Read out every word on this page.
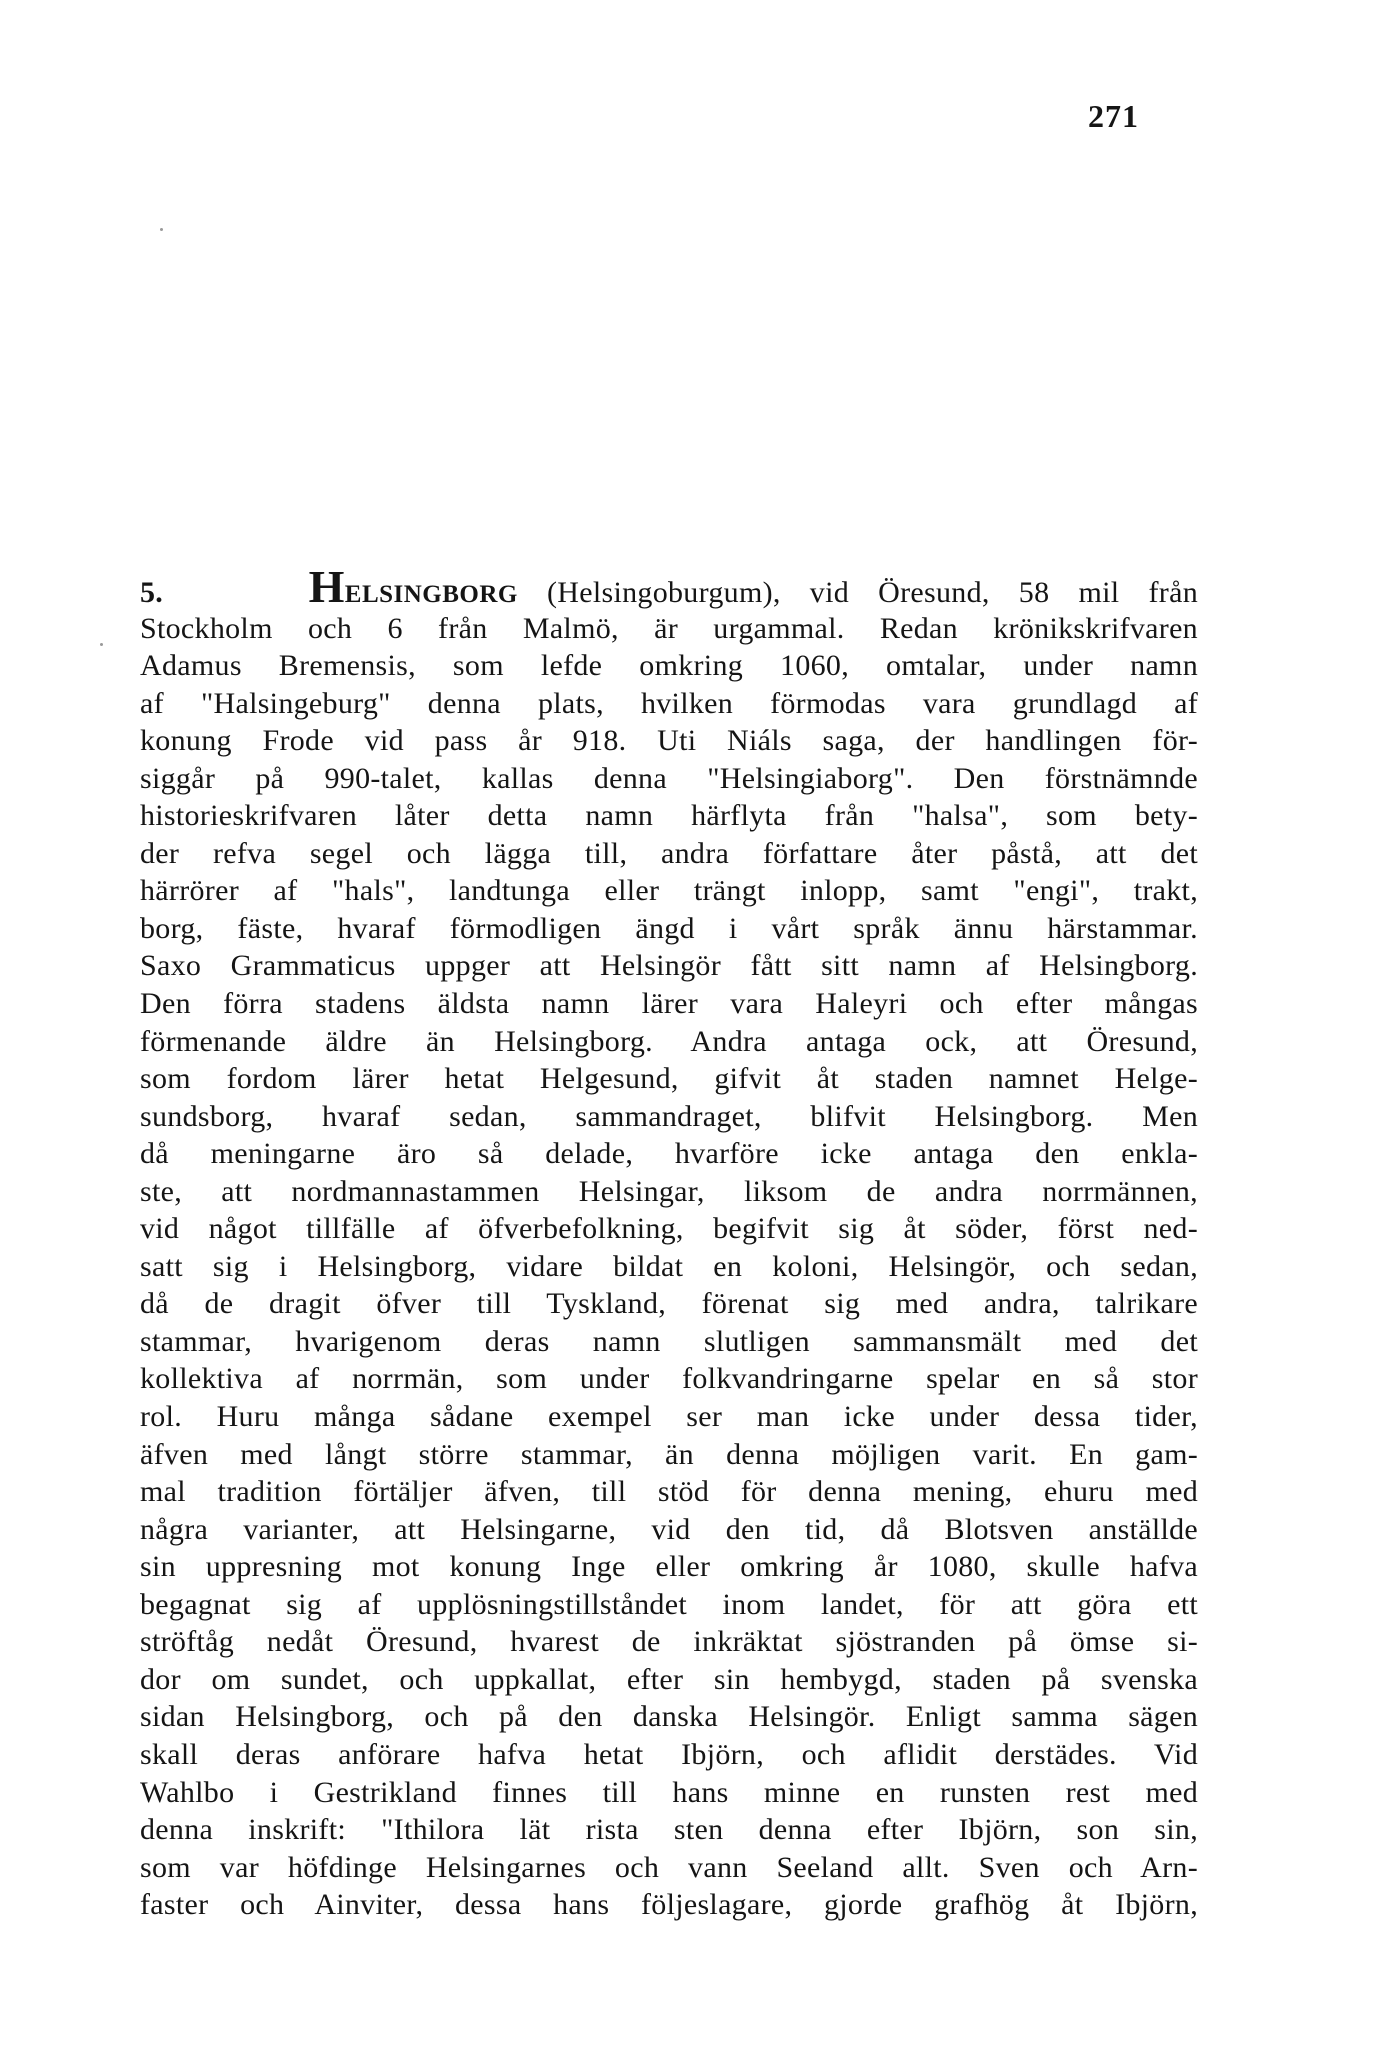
271
5.	HELSINGBORG (Helsingoburgum), vid Öresund, 58 mil från
Stockholm och 6 från Malmö, är urgammal. Redan krönikskrifvaren
Adamus Bremensis, som lefde omkring 1060, omtalar, under namn
af "Halsingeburg" denna plats, hvilken förmodas vara grundlagd af
konung Frode vid pass år 918. Uti Niáls saga, der handlingen för-
siggår på 990-talet, kallas denna "Helsingiaborg". Den förstnämnde
historieskrifvaren låter detta namn härflyta från "halsa", som bety-
der refva segel och lägga till, andra författare åter påstå, att det
härrörer af "hals", landtunga eller trängt inlopp, samt "engi", trakt,
borg, fäste, hvaraf förmodligen ängd i vårt språk ännu härstammar.
Saxo Grammaticus uppger att Helsingör fått sitt namn af Helsingborg.
Den förra stadens äldsta namn lärer vara Haleyri och efter mångas
förmenande äldre än Helsingborg. Andra antaga ock, att Öresund,
som fordom lärer hetat Helgesund, gifvit åt staden namnet Helge-
sundsborg, hvaraf sedan, sammandraget, blifvit Helsingborg. Men
då meningarne äro så delade, hvarföre icke antaga den enkla-
ste, att nordmannastammen Helsingar, liksom de andra norrmännen,
vid något tillfälle af öfverbefolkning, begifvit sig åt söder, först ned-
satt sig i Helsingborg, vidare bildat en koloni, Helsingör, och sedan,
då de dragit öfver till Tyskland, förenat sig med andra, talrikare
stammar, hvarigenom deras namn slutligen sammansmält med det
kollektiva af norrmän, som under folkvandringarne spelar en så stor
rol. Huru många sådane exempel ser man icke under dessa tider,
äfven med långt större stammar, än denna möjligen varit. En gam-
mal tradition förtäljer äfven, till stöd för denna mening, ehuru med
några varianter, att Helsingarne, vid den tid, då Blotsven anställde
sin uppresning mot konung Inge eller omkring år 1080, skulle hafva
begagnat sig af upplösningstillståndet inom landet, för att göra ett
ströftåg nedåt Öresund, hvarest de inkräktat sjöstranden på ömse si-
dor om sundet, och uppkallat, efter sin hembygd, staden på svenska
sidan Helsingborg, och på den danska Helsingör. Enligt samma sägen
skall deras anförare hafva hetat Ibjörn, och aflidit derstädes. Vid
Wahlbo i Gestrikland finnes till hans minne en runsten rest med
denna inskrift: "Ithilora lät rista sten denna efter Ibjörn, son sin,
som var höfdinge Helsingarnes och vann Seeland allt. Sven och Arn-
faster och Ainviter, dessa hans följeslagare, gjorde grafhög åt Ibjörn,
